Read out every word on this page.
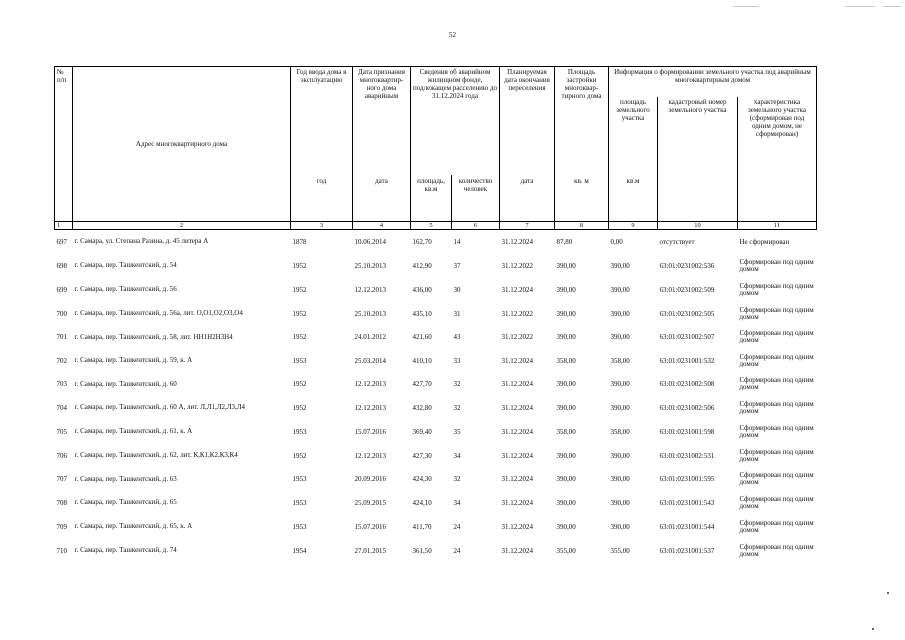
52
№ п/п	Адрес многоквартирного дома	Год ввода дома в эксплуатацию	Дата признания многоквартир-ного дома аварийным	Сведения об аварийном жилищном фонде, подлежащем расселению до 31.12.2024 года		Планируемая дата окончания переселения	Площадь застройки многоквар-тирного дома	Информация о формировании земельного участка под аварийным многоквартирным домом		
								площадь земельного участка	кадастровый номер земельного участка	характеристика земельного участка (сформирован под одним домом, не сформирован)
		год	дата	площадь, кв.м	количество человек	дата	кв. м	кв.м		
1	2	3	4	5	6	7	8	9	10	11
697	г. Самара, ул. Степана Разина, д. 45 литера А	1878	10.06.2014	162,70	14	31.12.2024	87,80	0,00	отсутствует	Не сформирован
698	г. Самара, пер. Ташкентский, д. 54	1952	25.10.2013	412,90	37	31.12.2022	390,00	390,00	63:01:0231002:536	Сформирован под одним домом
699	г. Самара, пер. Ташкентский, д. 56	1952	12.12.2013	436,00	30	31.12.2024	390,00	390,00	63:01:0231002:509	Сформирован под одним домом
700	г. Самара, пер. Ташкентский, д. 56а, лит. О,О1,О2,О3,О4	1952	25.10.2013	435,10	31	31.12.2022	390,00	390,00	63:01:0231002:505	Сформирован под одним домом
701	г. Самара, пер. Ташкентский, д. 58, лит. НН1Н2Н3Н4	1952	24.01.2012	421,60	43	31.12.2022	390,00	390,00	63:01:0231002:507	Сформирован под одним домом
702	г. Самара, пер. Ташкентский, д. 59, к. А	1953	25.03.2014	410,10	33	31.12.2024	358,00	358,00	63:01:0231001:532	Сформирован под одним домом
703	г. Самара, пер. Ташкентский, д. 60	1952	12.12.2013	427,70	32	31.12.2024	390,00	390,00	63:01:0231002:508	Сформирован под одним домом
704	г. Самара, пер. Ташкентский, д. 60 А, лит. Л,Л1,Л2,Л3,Л4	1952	12.12.2013	432,80	32	31.12.2024	390,00	390,00	63:01:0231002:506	Сформирован под одним домом
705	г. Самара, пер. Ташкентский, д. 61, к. А	1953	15.07.2016	369,40	35	31.12.2024	358,00	358,00	63:01:0231001:598	Сформирован под одним домом
706	г. Самара, пер. Ташкентский, д. 62, лит. К,К1,К2,К3,К4	1952	12.12.2013	427,30	34	31.12.2024	390,00	390,00	63:01:0231002:531	Сформирован под одним домом
707	г. Самара, пер. Ташкентский, д. 63	1953	20.09.2016	424,30	32	31.12.2024	390,00	390,00	63:01:0231001:595	Сформирован под одним домом
708	г. Самара, пер. Ташкентский, д. 65	1953	25.09.2015	424,10	34	31.12.2024	390,00	390,00	63:01:0231001:543	Сформирован под одним домом
709	г. Самара, пер. Ташкентский, д. 65, к. А	1953	15.07.2016	411,70	24	31.12.2024	390,00	390,00	63:01:0231001:544	Сформирован под одним домом
710	г. Самара, пер. Ташкентский, д. 74	1954	27.01.2015	361,50	24	31.12.2024	355,00	355,00	63:01:0231001:537	Сформирован под одним домом
